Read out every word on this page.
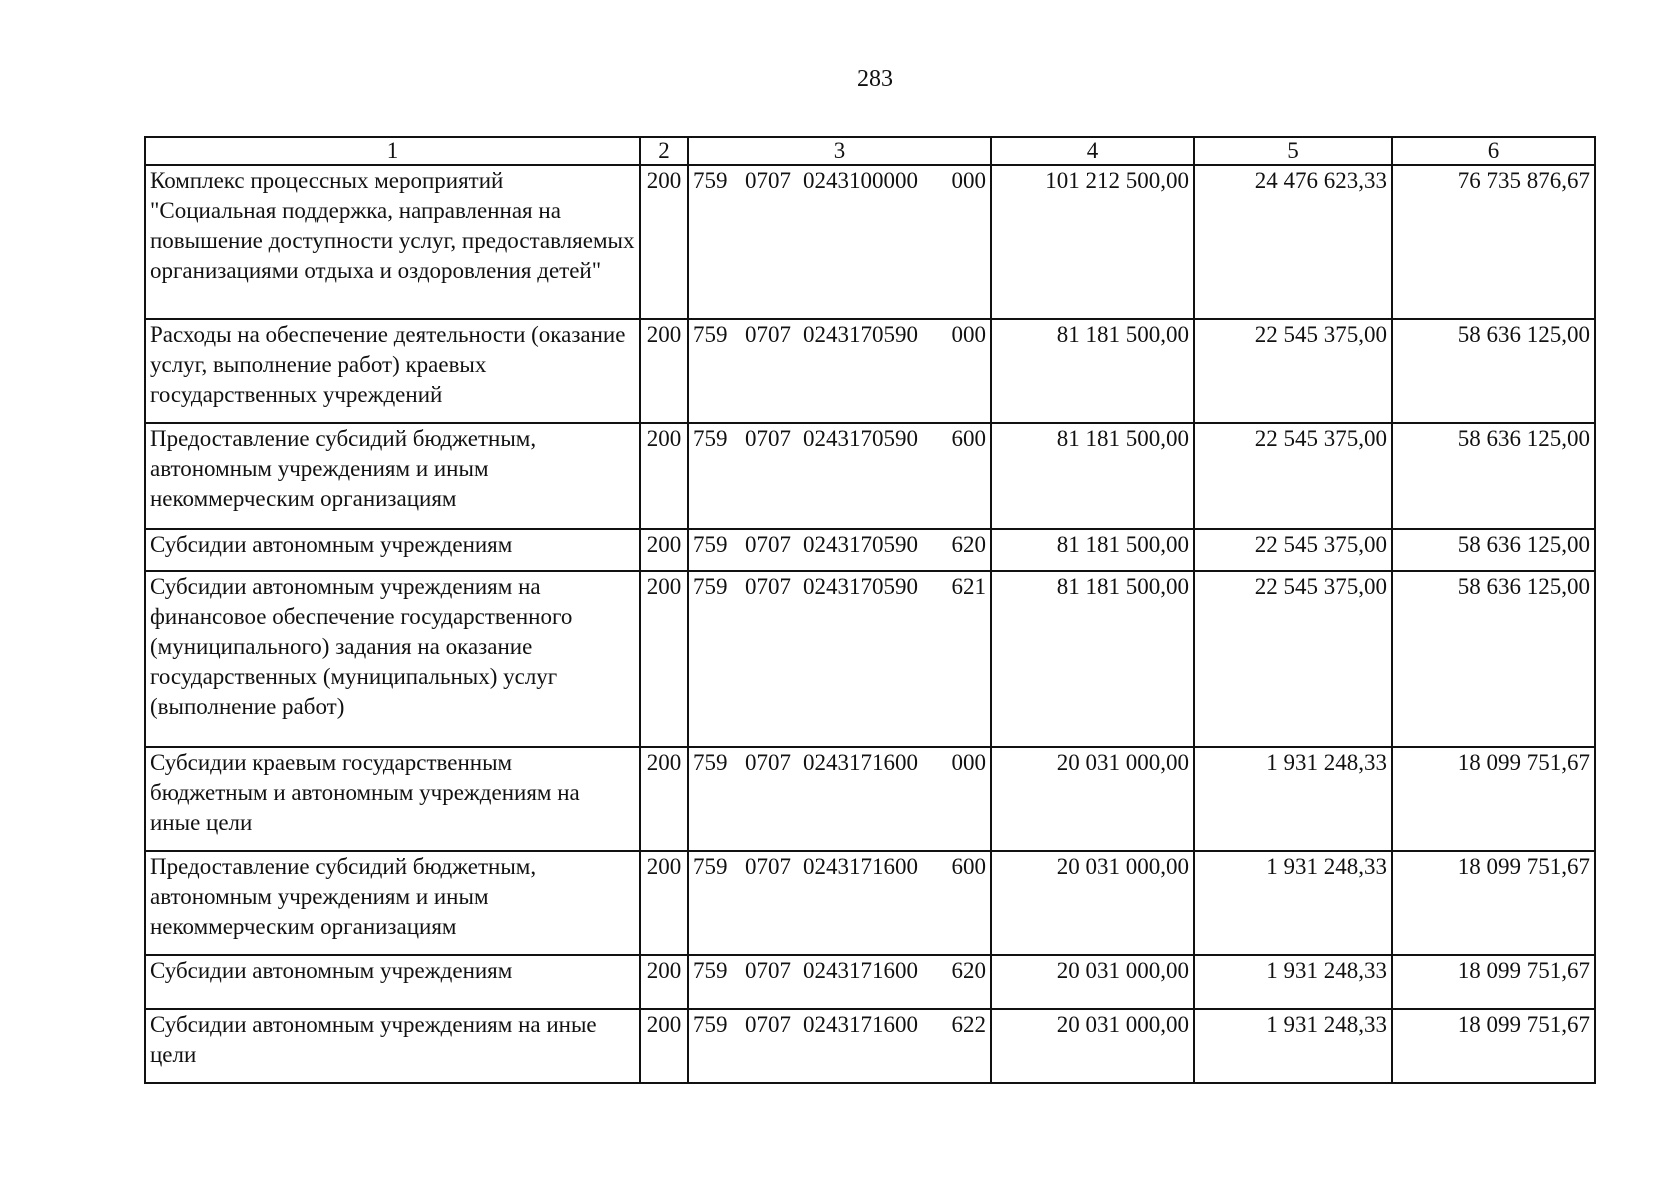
283
1	2	3	4	5	6
Комплекс процессных мероприятий "Социальная поддержка, направленная на повышение доступности услуг, предоставляемых организациями отдыха и оздоровления детей"	200	759 0707 0243100000 000	101 212 500,00	24 476 623,33	76 735 876,67
Расходы на обеспечение деятельности (оказание услуг, выполнение работ) краевых государственных учреждений	200	759 0707 0243170590 000	81 181 500,00	22 545 375,00	58 636 125,00
Предоставление субсидий бюджетным, автономным учреждениям и иным некоммерческим организациям	200	759 0707 0243170590 600	81 181 500,00	22 545 375,00	58 636 125,00
Субсидии автономным учреждениям	200	759 0707 0243170590 620	81 181 500,00	22 545 375,00	58 636 125,00
Субсидии автономным учреждениям на финансовое обеспечение государственного (муниципального) задания на оказание государственных (муниципальных) услуг (выполнение работ)	200	759 0707 0243170590 621	81 181 500,00	22 545 375,00	58 636 125,00
Субсидии краевым государственным бюджетным и автономным учреждениям на иные цели	200	759 0707 0243171600 000	20 031 000,00	1 931 248,33	18 099 751,67
Предоставление субсидий бюджетным, автономным учреждениям и иным некоммерческим организациям	200	759 0707 0243171600 600	20 031 000,00	1 931 248,33	18 099 751,67
Субсидии автономным учреждениям	200	759 0707 0243171600 620	20 031 000,00	1 931 248,33	18 099 751,67
Субсидии автономным учреждениям на иные цели	200	759 0707 0243171600 622	20 031 000,00	1 931 248,33	18 099 751,67
